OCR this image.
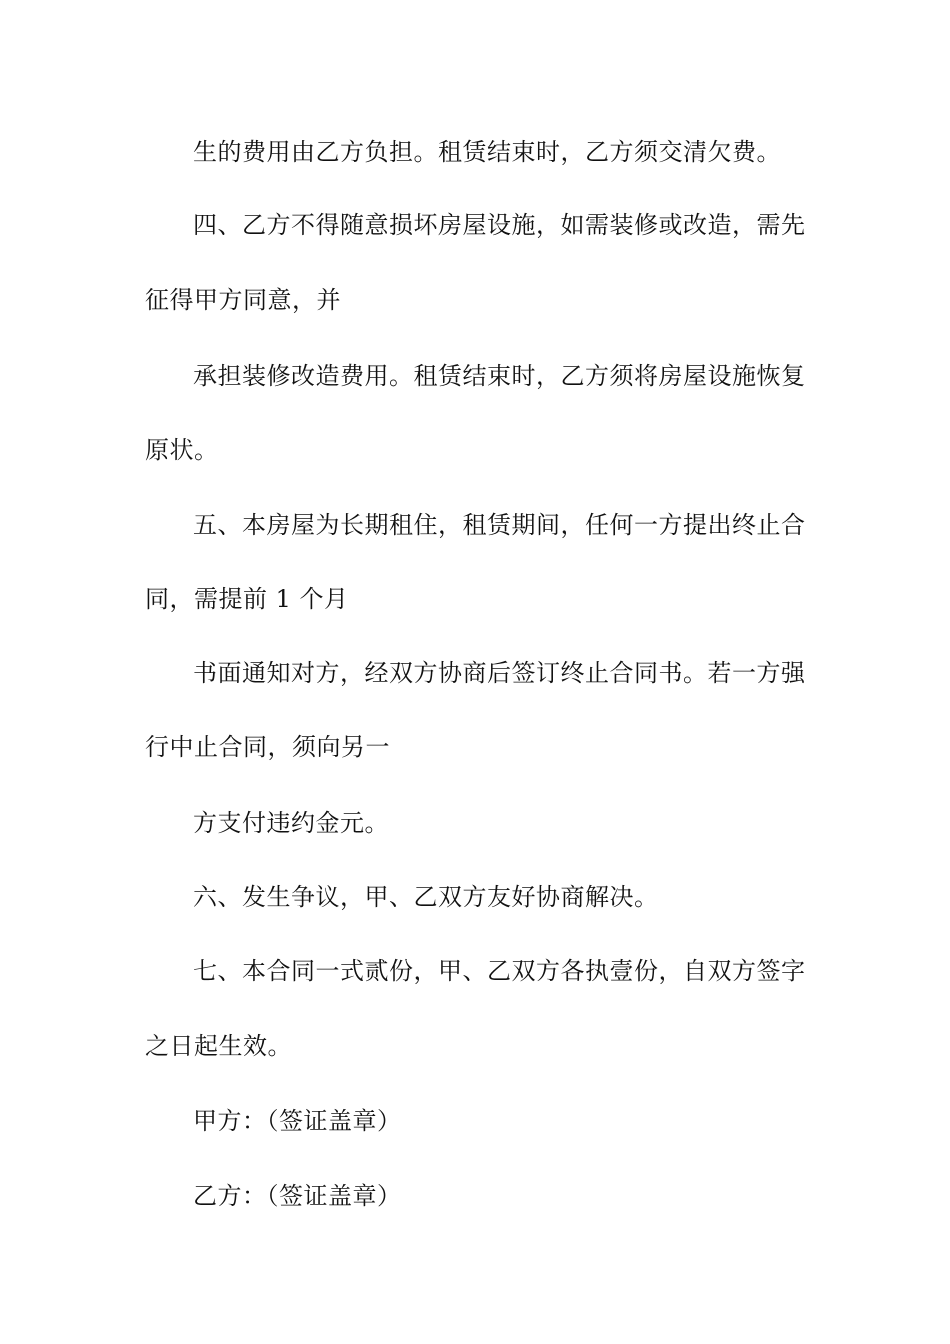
生的费用由乙方负担。租赁结束时，乙方须交清欠费。
四、乙方不得随意损坏房屋设施，如需装修或改造，需先
征得甲方同意，并
承担装修改造费用。租赁结束时，乙方须将房屋设施恢复
原状。
五、本房屋为长期租住，租赁期间，任何一方提出终止合
同，需提前 1 个月
书面通知对方，经双方协商后签订终止合同书。若一方强
行中止合同，须向另一
方支付违约金元。
六、发生争议，甲、乙双方友好协商解决。
七、本合同一式贰份，甲、乙双方各执壹份，自双方签字
之日起生效。
甲方：（签证盖章）
乙方：（签证盖章）
